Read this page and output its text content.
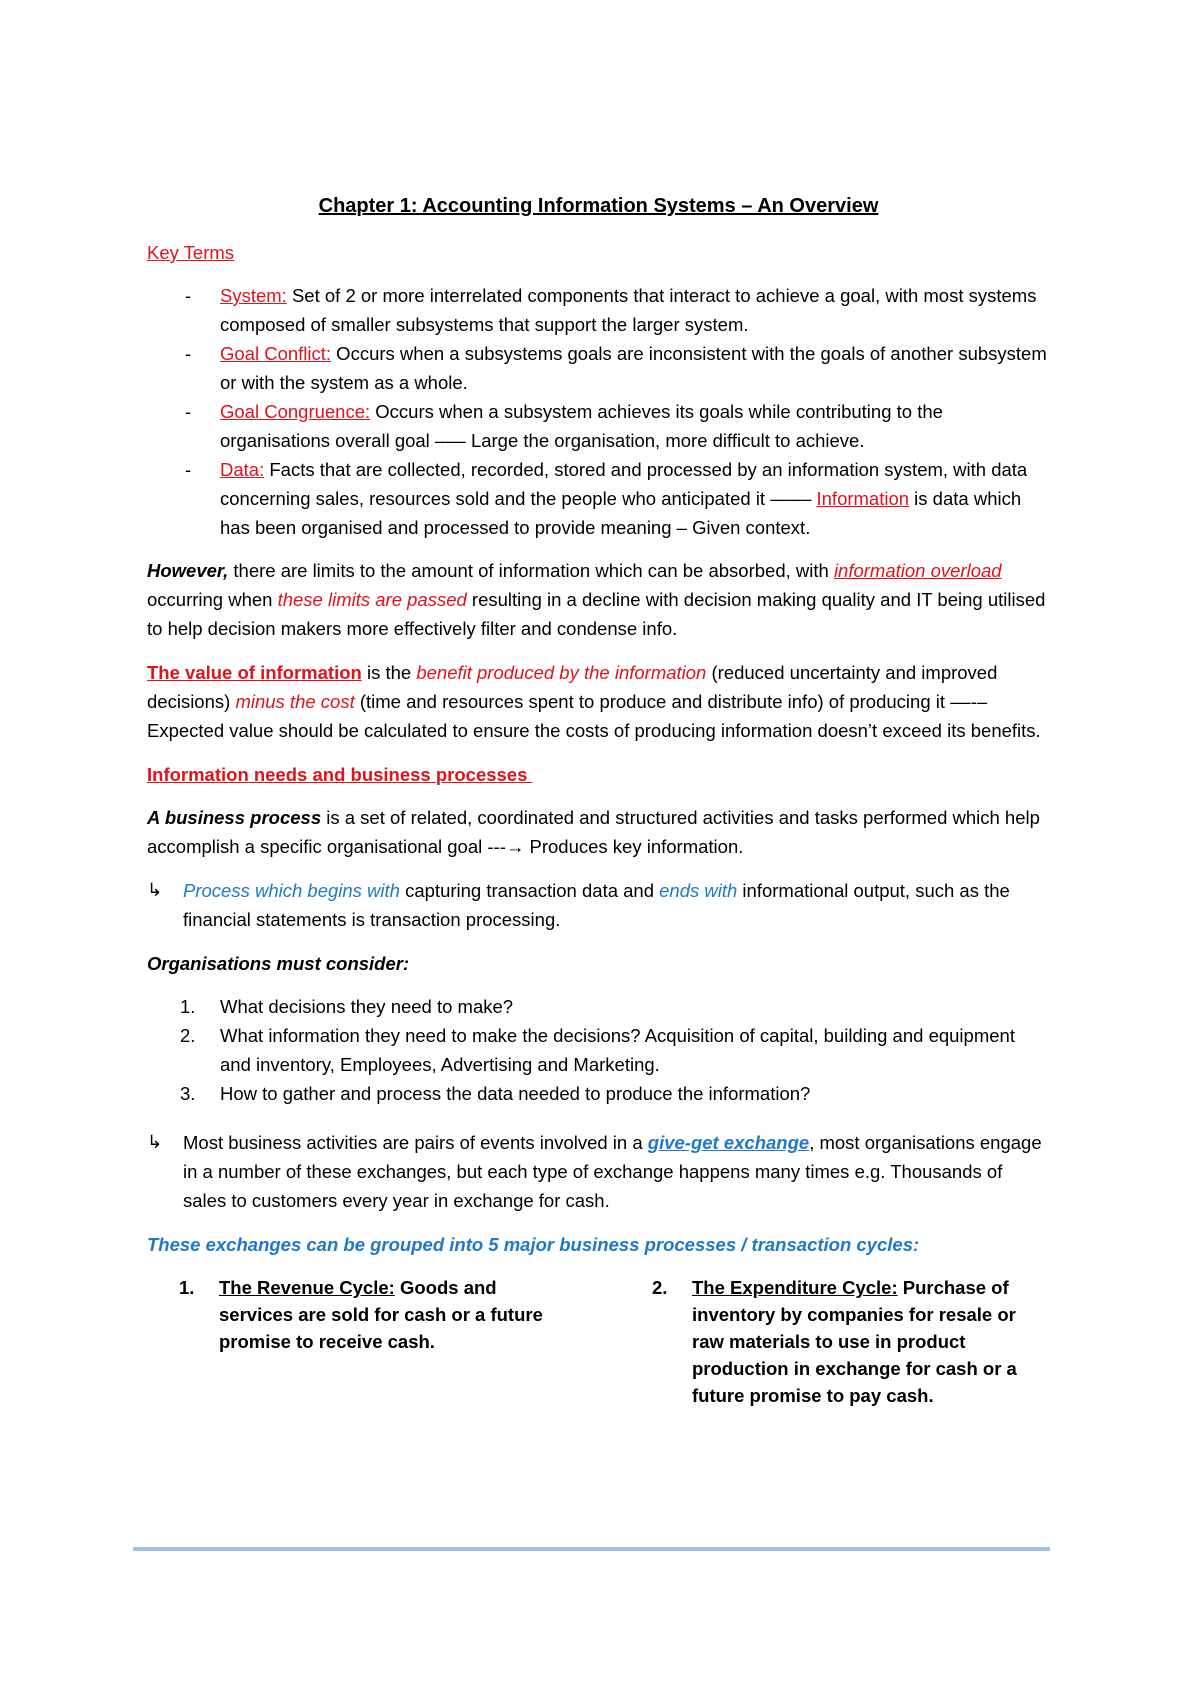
Chapter 1: Accounting Information Systems – An Overview
Key Terms
- System: Set of 2 or more interrelated components that interact to achieve a goal, with most systems composed of smaller subsystems that support the larger system.
- Goal Conflict: Occurs when a subsystems goals are inconsistent with the goals of another subsystem or with the system as a whole.
- Goal Congruence: Occurs when a subsystem achieves its goals while contributing to the organisations overall goal ––– Large the organisation, more difficult to achieve.
- Data: Facts that are collected, recorded, stored and processed by an information system, with data concerning sales, resources sold and the people who anticipated it –––– Information is data which has been organised and processed to provide meaning – Given context.

However, there are limits to the amount of information which can be absorbed, with information overload occurring when these limits are passed resulting in a decline with decision making quality and IT being utilised to help decision makers more effectively filter and condense info.

The value of information is the benefit produced by the information (reduced uncertainty and improved decisions) minus the cost (time and resources spent to produce and distribute info) of producing it ––-– Expected value should be calculated to ensure the costs of producing information doesn’t exceed its benefits.

Information needs and business processes

A business process is a set of related, coordinated and structured activities and tasks performed which help accomplish a specific organisational goal ---→ Produces key information.

↳ Process which begins with capturing transaction data and ends with informational output, such as the financial statements is transaction processing.
Organisations must consider:
1. What decisions they need to make?
2. What information they need to make the decisions? Acquisition of capital, building and equipment and inventory, Employees, Advertising and Marketing.
3. How to gather and process the data needed to produce the information?
↳ Most business activities are pairs of events involved in a give-get exchange, most organisations engage in a number of these exchanges, but each type of exchange happens many times e.g. Thousands of sales to customers every year in exchange for cash.

These exchanges can be grouped into 5 major business processes / transaction cycles:

1. The Revenue Cycle: Goods and services are sold for cash or a future promise to receive cash.
2. The Expenditure Cycle: Purchase of inventory by companies for resale or raw materials to use in product production in exchange for cash or a future promise to pay cash.
